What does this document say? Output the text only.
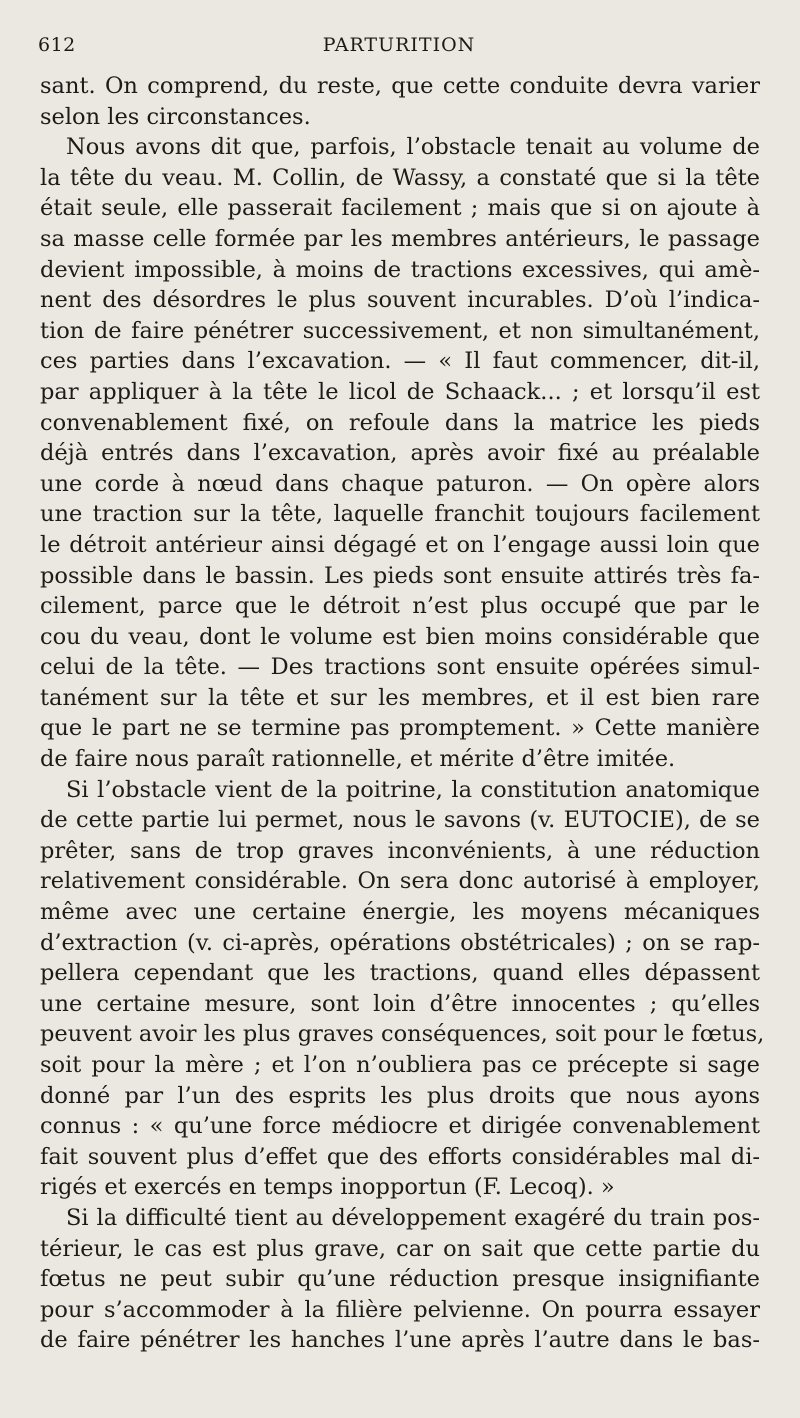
612	PARTURITION
sant. On comprend, du reste, que cette conduite devra varier
selon les circonstances.
Nous avons dit que, parfois, l’obstacle tenait au volume de
la tête du veau. M. Collin, de Wassy, a constaté que si la tête
était seule, elle passerait facilement ; mais que si on ajoute à
sa masse celle formée par les membres antérieurs, le passage
devient impossible, à moins de tractions excessives, qui amè-
nent des désordres le plus souvent incurables. D’où l’indica-
tion de faire pénétrer successivement, et non simultanément,
ces parties dans l’excavation. — « Il faut commencer, dit-il,
par appliquer à la tête le licol de Schaack... ; et lorsqu’il est
convenablement fixé, on refoule dans la matrice les pieds
déjà entrés dans l’excavation, après avoir fixé au préalable
une corde à nœud dans chaque paturon. — On opère alors
une traction sur la tête, laquelle franchit toujours facilement
le détroit antérieur ainsi dégagé et on l’engage aussi loin que
possible dans le bassin. Les pieds sont ensuite attirés très fa-
cilement, parce que le détroit n’est plus occupé que par le
cou du veau, dont le volume est bien moins considérable que
celui de la tête. — Des tractions sont ensuite opérées simul-
tanément sur la tête et sur les membres, et il est bien rare
que le part ne se termine pas promptement. » Cette manière
de faire nous paraît rationnelle, et mérite d’être imitée.
Si l’obstacle vient de la poitrine, la constitution anatomique
de cette partie lui permet, nous le savons (v. EUTOCIE), de se
prêter, sans de trop graves inconvénients, à une réduction
relativement considérable. On sera donc autorisé à employer,
même avec une certaine énergie, les moyens mécaniques
d’extraction (v. ci-après, opérations obstétricales) ; on se rap-
pellera cependant que les tractions, quand elles dépassent
une certaine mesure, sont loin d’être innocentes ; qu’elles
peuvent avoir les plus graves conséquences, soit pour le fœtus,
soit pour la mère ; et l’on n’oubliera pas ce précepte si sage
donné par l’un des esprits les plus droits que nous ayons
connus : « qu’une force médiocre et dirigée convenablement
fait souvent plus d’effet que des efforts considérables mal di-
rigés et exercés en temps inopportun (F. Lecoq). »
Si la difficulté tient au développement exagéré du train pos-
térieur, le cas est plus grave, car on sait que cette partie du
fœtus ne peut subir qu’une réduction presque insignifiante
pour s’accommoder à la filière pelvienne. On pourra essayer
de faire pénétrer les hanches l’une après l’autre dans le bas-
